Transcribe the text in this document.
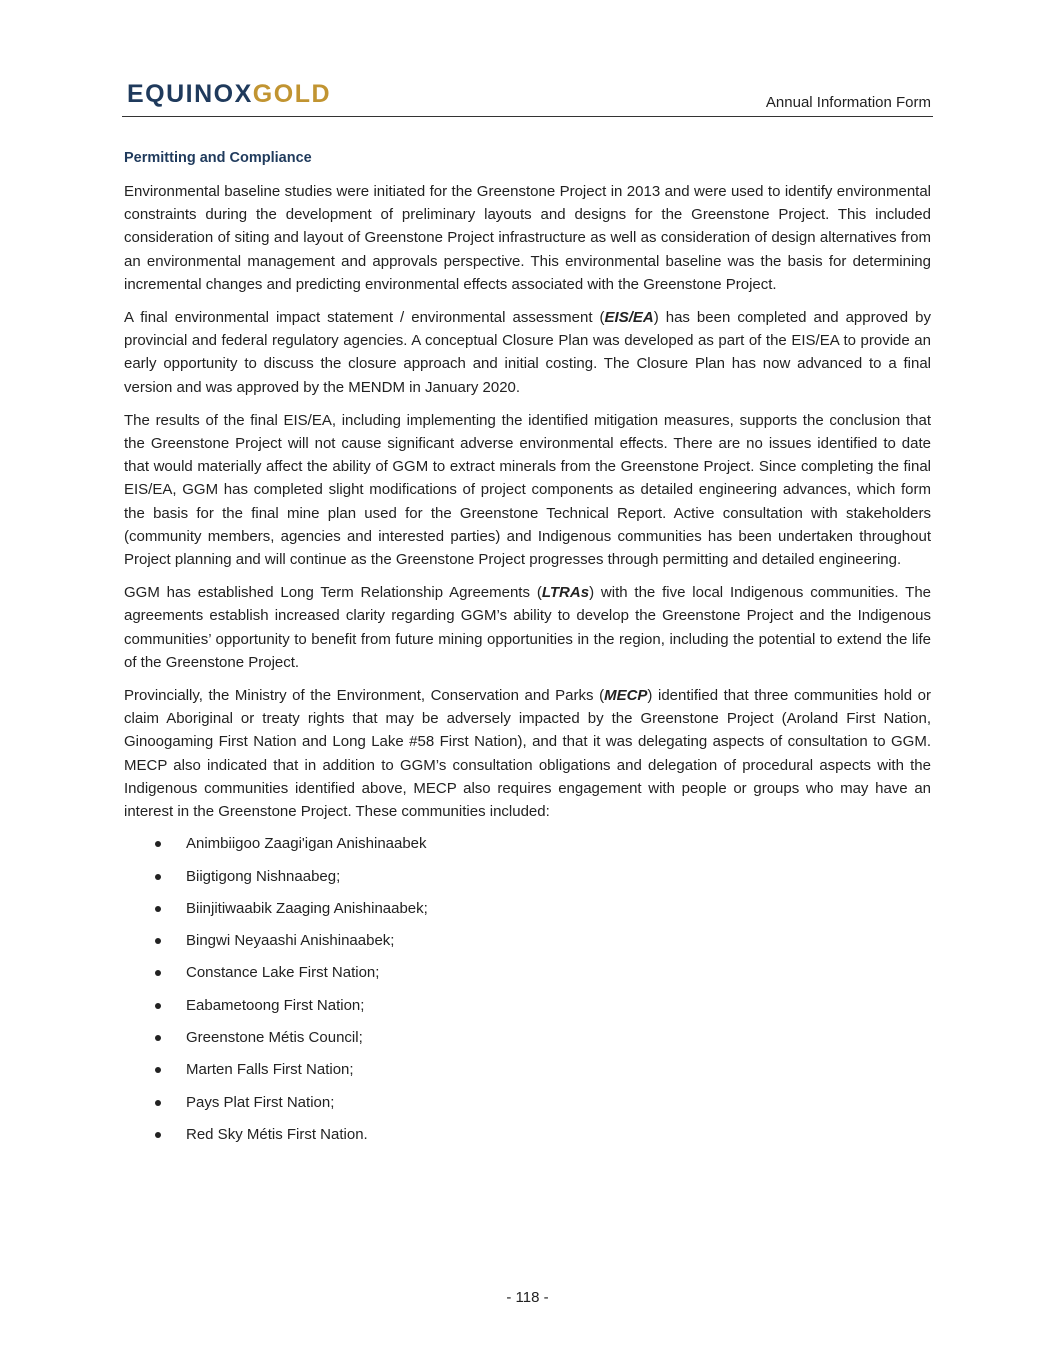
EQUINOXGOLD	Annual Information Form
Permitting and Compliance

Environmental baseline studies were initiated for the Greenstone Project in 2013 and were used to identify environmental constraints during the development of preliminary layouts and designs for the Greenstone Project. This included consideration of siting and layout of Greenstone Project infrastructure as well as consideration of design alternatives from an environmental management and approvals perspective. This environmental baseline was the basis for determining incremental changes and predicting environmental effects associated with the Greenstone Project.

A final environmental impact statement / environmental assessment (EIS/EA) has been completed and approved by provincial and federal regulatory agencies. A conceptual Closure Plan was developed as part of the EIS/EA to provide an early opportunity to discuss the closure approach and initial costing. The Closure Plan has now advanced to a final version and was approved by the MENDM in January 2020.

The results of the final EIS/EA, including implementing the identified mitigation measures, supports the conclusion that the Greenstone Project will not cause significant adverse environmental effects. There are no issues identified to date that would materially affect the ability of GGM to extract minerals from the Greenstone Project. Since completing the final EIS/EA, GGM has completed slight modifications of project components as detailed engineering advances, which form the basis for the final mine plan used for the Greenstone Technical Report. Active consultation with stakeholders (community members, agencies and interested parties) and Indigenous communities has been undertaken throughout Project planning and will continue as the Greenstone Project progresses through permitting and detailed engineering.

GGM has established Long Term Relationship Agreements (LTRAs) with the five local Indigenous communities. The agreements establish increased clarity regarding GGM’s ability to develop the Greenstone Project and the Indigenous communities’ opportunity to benefit from future mining opportunities in the region, including the potential to extend the life of the Greenstone Project.

Provincially, the Ministry of the Environment, Conservation and Parks (MECP) identified that three communities hold or claim Aboriginal or treaty rights that may be adversely impacted by the Greenstone Project (Aroland First Nation, Ginoogaming First Nation and Long Lake #58 First Nation), and that it was delegating aspects of consultation to GGM. MECP also indicated that in addition to GGM’s consultation obligations and delegation of procedural aspects with the Indigenous communities identified above, MECP also requires engagement with people or groups who may have an interest in the Greenstone Project. These communities included:

Animbiigoo Zaagi'igan Anishinaabek
Biigtigong Nishnaabeg;
Biinjitiwaabik Zaaging Anishinaabek;
Bingwi Neyaashi Anishinaabek;
Constance Lake First Nation;
Eabametoong First Nation;
Greenstone Métis Council;
Marten Falls First Nation;
Pays Plat First Nation;
Red Sky Métis First Nation.
- 118 -
